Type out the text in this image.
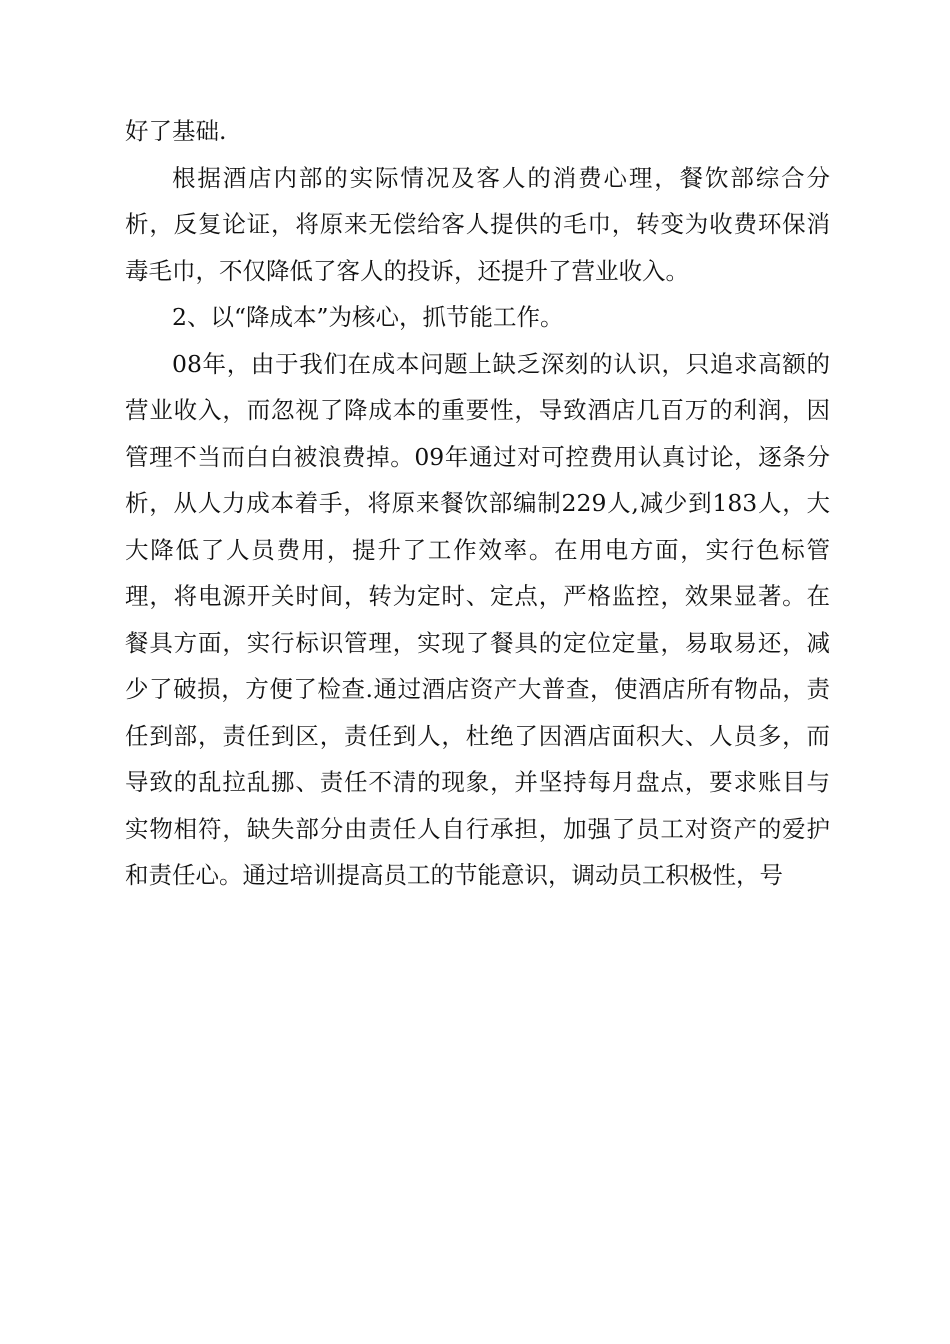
好了基础.
根据酒店内部的实际情况及客人的消费心理，餐饮部综合分
析，反复论证，将原来无偿给客人提供的毛巾，转变为收费环保消
毒毛巾，不仅降低了客人的投诉，还提升了营业收入。
2、以“降成本”为核心，抓节能工作。
08年，由于我们在成本问题上缺乏深刻的认识，只追求高额的
营业收入，而忽视了降成本的重要性，导致酒店几百万的利润，因
管理不当而白白被浪费掉。09年通过对可控费用认真讨论，逐条分
析，从人力成本着手，将原来餐饮部编制229人,减少到183人，大
大降低了人员费用，提升了工作效率。在用电方面，实行色标管
理，将电源开关时间，转为定时、定点，严格监控，效果显著。在
餐具方面，实行标识管理，实现了餐具的定位定量，易取易还，减
少了破损，方便了检查.通过酒店资产大普查，使酒店所有物品，责
任到部，责任到区，责任到人，杜绝了因酒店面积大、人员多，而
导致的乱拉乱挪、责任不清的现象，并坚持每月盘点，要求账目与
实物相符，缺失部分由责任人自行承担，加强了员工对资产的爱护
和责任心。通过培训提高员工的节能意识，调动员工积极性，号
